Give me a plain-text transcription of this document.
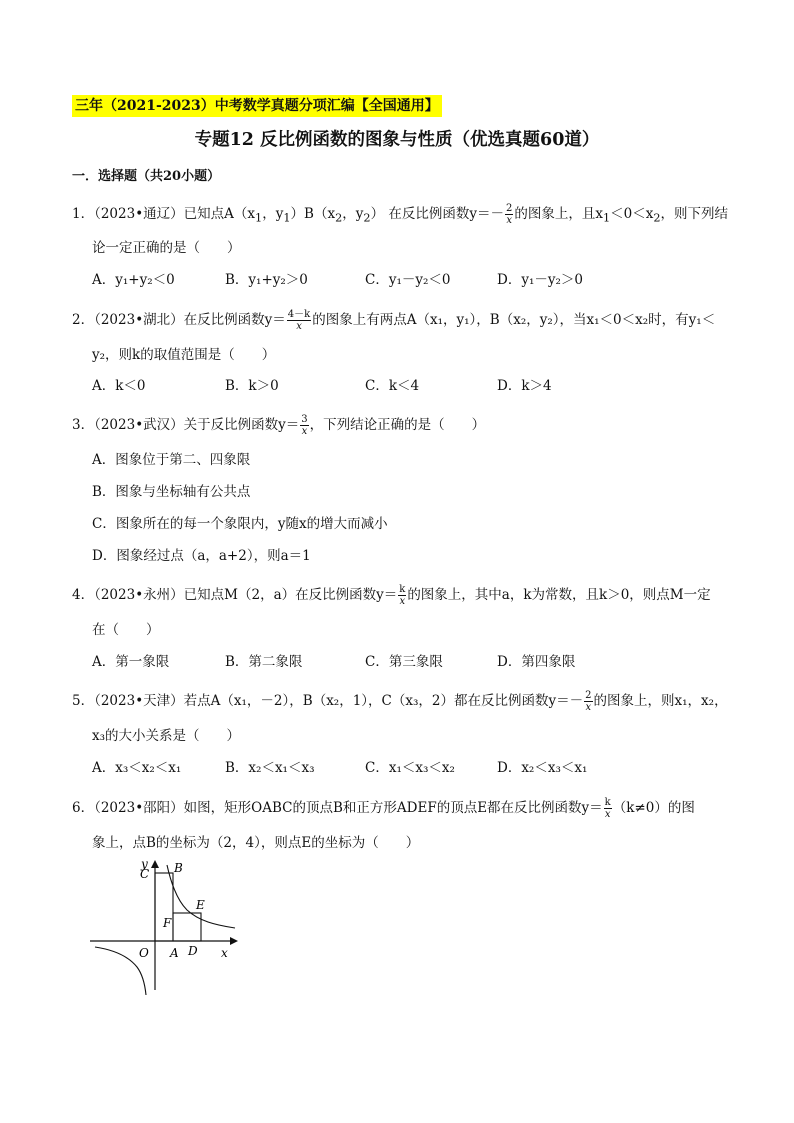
三年（2021-2023）中考数学真题分项汇编【全国通用】
专题12 反比例函数的图象与性质（优选真题60道）
一．选择题（共20小题）
1．（2023•通辽）已知点$A(x_1$，$y_1)B(x_2$，$y_2$） 在反比例函数$y=- \frac{2}{x}$ 的图象上，且$x_1<0<x_2$，则下列结
论一定正确的是（　　）
A．y₁+y₂＜0	B．y₁+y₂＞0	C．y₁－y₂＜0	D．y₁－y₂＞0
2．（2023•湖北）在反比例函数$y= \frac{4-k}{x}$ 的图象上有两点A（x₁，y₁），B（x₂，y₂），当x₁＜0＜x₂时，有y₁＜
y₂，则k的取值范围是（　　）
A．k＜0	B．k＞0	C．k＜4	D．k＞4
3．（2023•武汉）关于反比例函数$y= \frac{3}{x}$ ，下列结论正确的是（　　）
A．图象位于第二、四象限
B．图象与坐标轴有公共点
C．图象所在的每一个象限内，y随x的增大而减小
D．图象经过点（a，a+2），则a＝1
4．（2023•永州）已知点M（2，a）在反比例函数$y= \frac{k}{x}$ 的图象上，其中a，k为常数，且k＞0，则点M一定
在（　　）
A．第一象限	B．第二象限	C．第三象限	D．第四象限
5．（2023•天津）若点A（x₁，－2），B（x₂，1），C（x₃，2）都在反比例函数$y=- \frac{2}{x}$ 的图象上，则x₁，x₂，
x₃的大小关系是（　　）
A．x₃＜x₂＜x₁	B．x₂＜x₁＜x₃	C．x₁＜x₃＜x₂	D．x₂＜x₃＜x₁
6．（2023•邵阳）如图，矩形OABC的顶点B和正方形ADEF的顶点E都在反比例函数$y= \frac{k}{x} (k\ne 0)$的图
象上，点B的坐标为（2，4），则点E的坐标为（　　）
y
x
O
C B
F
E
A D
